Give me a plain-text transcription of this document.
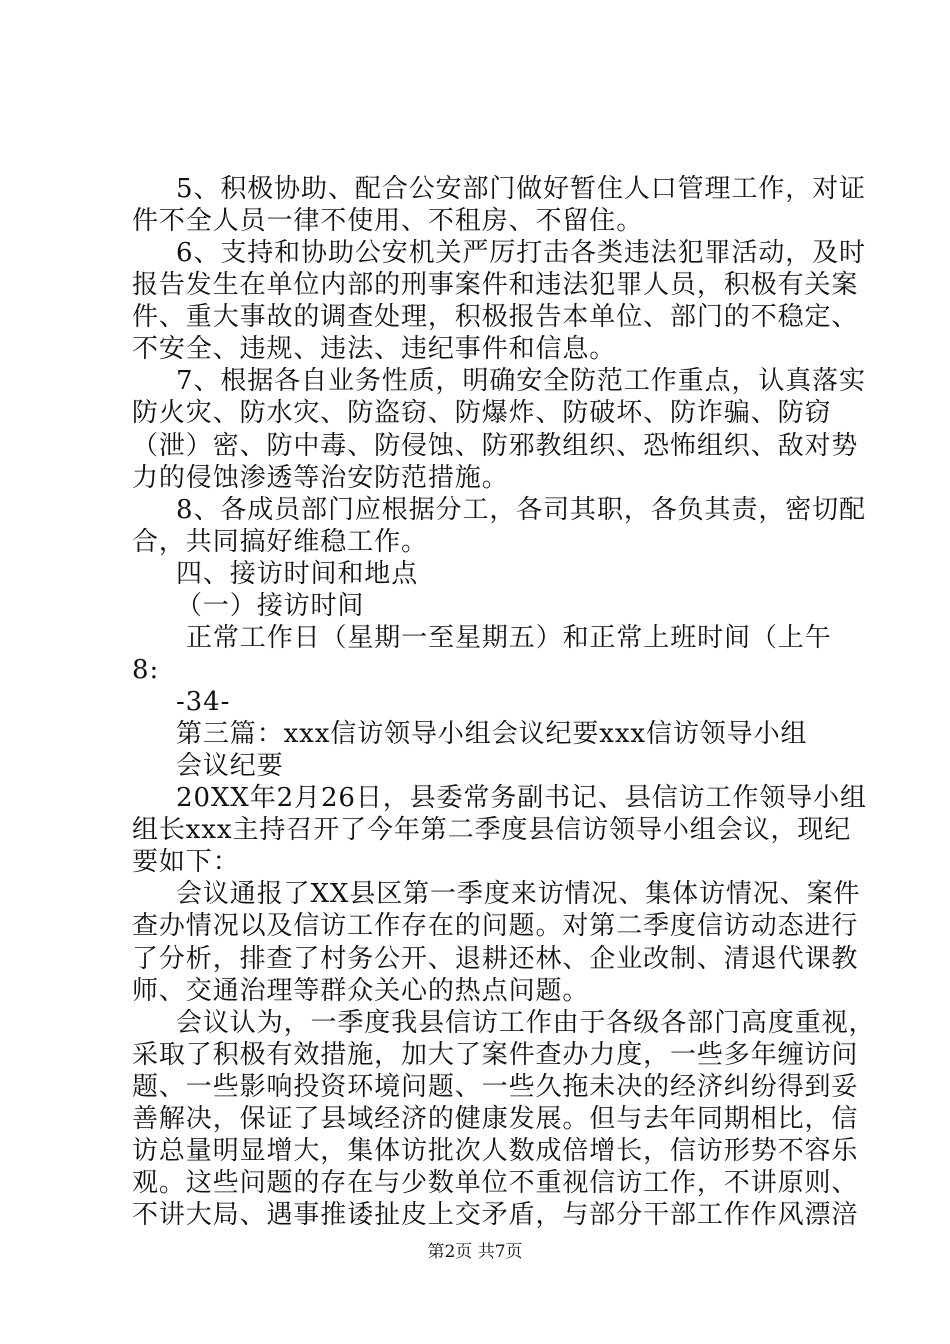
5、积极协助、配合公安部门做好暂住人口管理工作，对证
件不全人员一律不使用、不租房、不留住。
6、支持和协助公安机关严厉打击各类违法犯罪活动，及时
报告发生在单位内部的刑事案件和违法犯罪人员，积极有关案
件、重大事故的调查处理，积极报告本单位、部门的不稳定、
不安全、违规、违法、违纪事件和信息。
7、根据各自业务性质，明确安全防范工作重点，认真落实
防火灾、防水灾、防盗窃、防爆炸、防破坏、防诈骗、防窃
（泄）密、防中毒、防侵蚀、防邪教组织、恐怖组织、敌对势
力的侵蚀渗透等治安防范措施。
8、各成员部门应根据分工，各司其职，各负其责，密切配
合，共同搞好维稳工作。
四、接访时间和地点
（一）接访时间
正常工作日（星期一至星期五）和正常上班时间（上午
8:
-34-
第三篇：xxx信访领导小组会议纪要xxx信访领导小组
会议纪要
20XX年2月26日，县委常务副书记、县信访工作领导小组
组长xxx主持召开了今年第二季度县信访领导小组会议，现纪
要如下：
会议通报了XX县区第一季度来访情况、集体访情况、案件
查办情况以及信访工作存在的问题。对第二季度信访动态进行
了分析，排查了村务公开、退耕还林、企业改制、清退代课教
师、交通治理等群众关心的热点问题。
会议认为，一季度我县信访工作由于各级各部门高度重视，
采取了积极有效措施，加大了案件查办力度，一些多年缠访问
题、一些影响投资环境问题、一些久拖未决的经济纠纷得到妥
善解决，保证了县域经济的健康发展。但与去年同期相比，信
访总量明显增大，集体访批次人数成倍增长，信访形势不容乐
观。这些问题的存在与少数单位不重视信访工作，不讲原则、
不讲大局、遇事推诿扯皮上交矛盾，与部分干部工作作风漂涪
第2页 共7页
